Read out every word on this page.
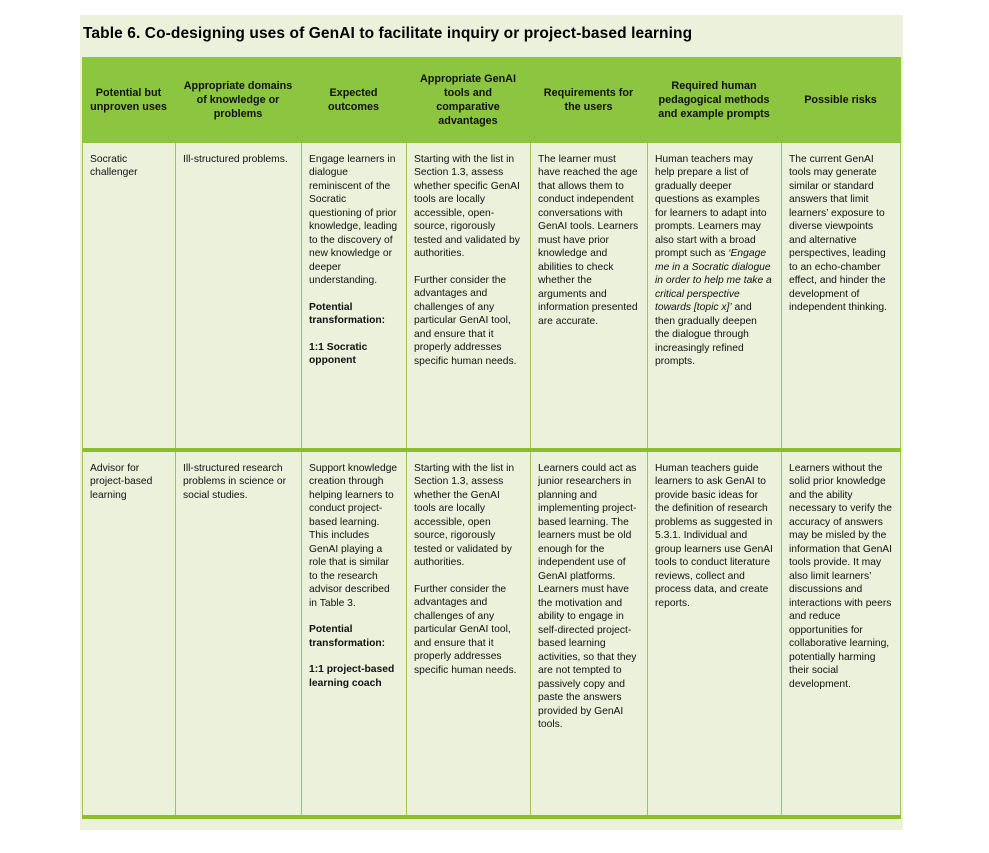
Table 6. Co-designing uses of GenAI to facilitate inquiry or project-based learning
Potential but unproven uses
Appropriate domains of knowledge or problems
Expected outcomes
Appropriate GenAI tools and comparative advantages
Requirements for the users
Required human pedagogical methods and example prompts
Possible risks

Socratic challenger

Ill-structured problems.	Engage learners in dialogue reminiscent of the Socratic questioning of prior knowledge, leading to the discovery of new knowledge or deeper understanding.

Potential transformation:

1:1 Socratic opponent

Starting with the list in Section 1.3, assess whether specific GenAI tools are locally accessible, open-source, rigorously tested and validated by authorities.

Further consider the advantages and challenges of any particular GenAI tool, and ensure that it properly addresses specific human needs.

The learner must have reached the age that allows them to conduct independent conversations with GenAI tools. Learners must have prior knowledge and abilities to check whether the arguments and information presented are accurate.

Human teachers may help prepare a list of gradually deeper questions as examples for learners to adapt into prompts. Learners may also start with a broad prompt such as ‘Engage me in a Socratic dialogue in order to help me take a critical perspective towards [topic x]’ and then gradually deepen the dialogue through increasingly refined prompts.

The current GenAI tools may generate similar or standard answers that limit learners’ exposure to diverse viewpoints and alternative perspectives, leading to an echo-chamber effect, and hinder the development of independent thinking.

Advisor for project-based learning

Ill-structured research problems in science or social studies.

Support knowledge creation through helping learners to conduct project-based learning. This includes GenAI playing a role that is similar to the research advisor described in Table 3.

Potential transformation:

1:1 project-based learning coach

Starting with the list in Section 1.3, assess whether the GenAI tools are locally accessible, open source, rigorously tested or validated by authorities.

Further consider the advantages and challenges of any particular GenAI tool, and ensure that it properly addresses specific human needs.

Learners could act as junior researchers in planning and implementing project-based learning. The learners must be old enough for the independent use of GenAI platforms. Learners must have the motivation and ability to engage in self-directed project-based learning activities, so that they are not tempted to passively copy and paste the answers provided by GenAI tools.

Human teachers guide learners to ask GenAI to provide basic ideas for the definition of research problems as suggested in 5.3.1. Individual and group learners use GenAI tools to conduct literature reviews, collect and process data, and create reports.

Learners without the solid prior knowledge and the ability necessary to verify the accuracy of answers may be misled by the information that GenAI tools provide. It may also limit learners’ discussions and interactions with peers and reduce opportunities for collaborative learning, potentially harming their social development.
